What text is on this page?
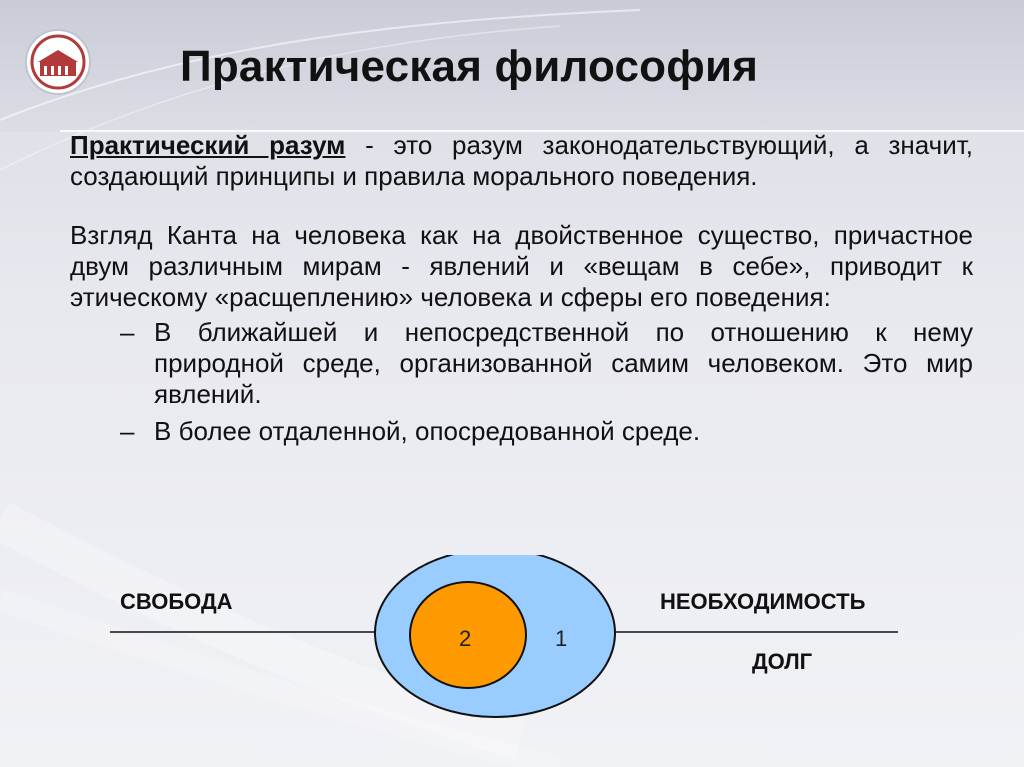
Практическая философия

Практический разум - это разум законодательствующий, а значит, создающий принципы и правила морального поведения.

Взгляд Канта на человека как на двойственное существо, причастное двум различным мирам - явлений и «вещам в себе», приводит к этическому «расщеплению» человека и сферы его поведения:

– В ближайшей и непосредственной по отношению к нему природной среде, организованной самим человеком. Это мир явлений.
– В более отдаленной, опосредованной среде.
2	1
СВОБОДА	НЕОБХОДИМОСТЬ
ДОЛГ
